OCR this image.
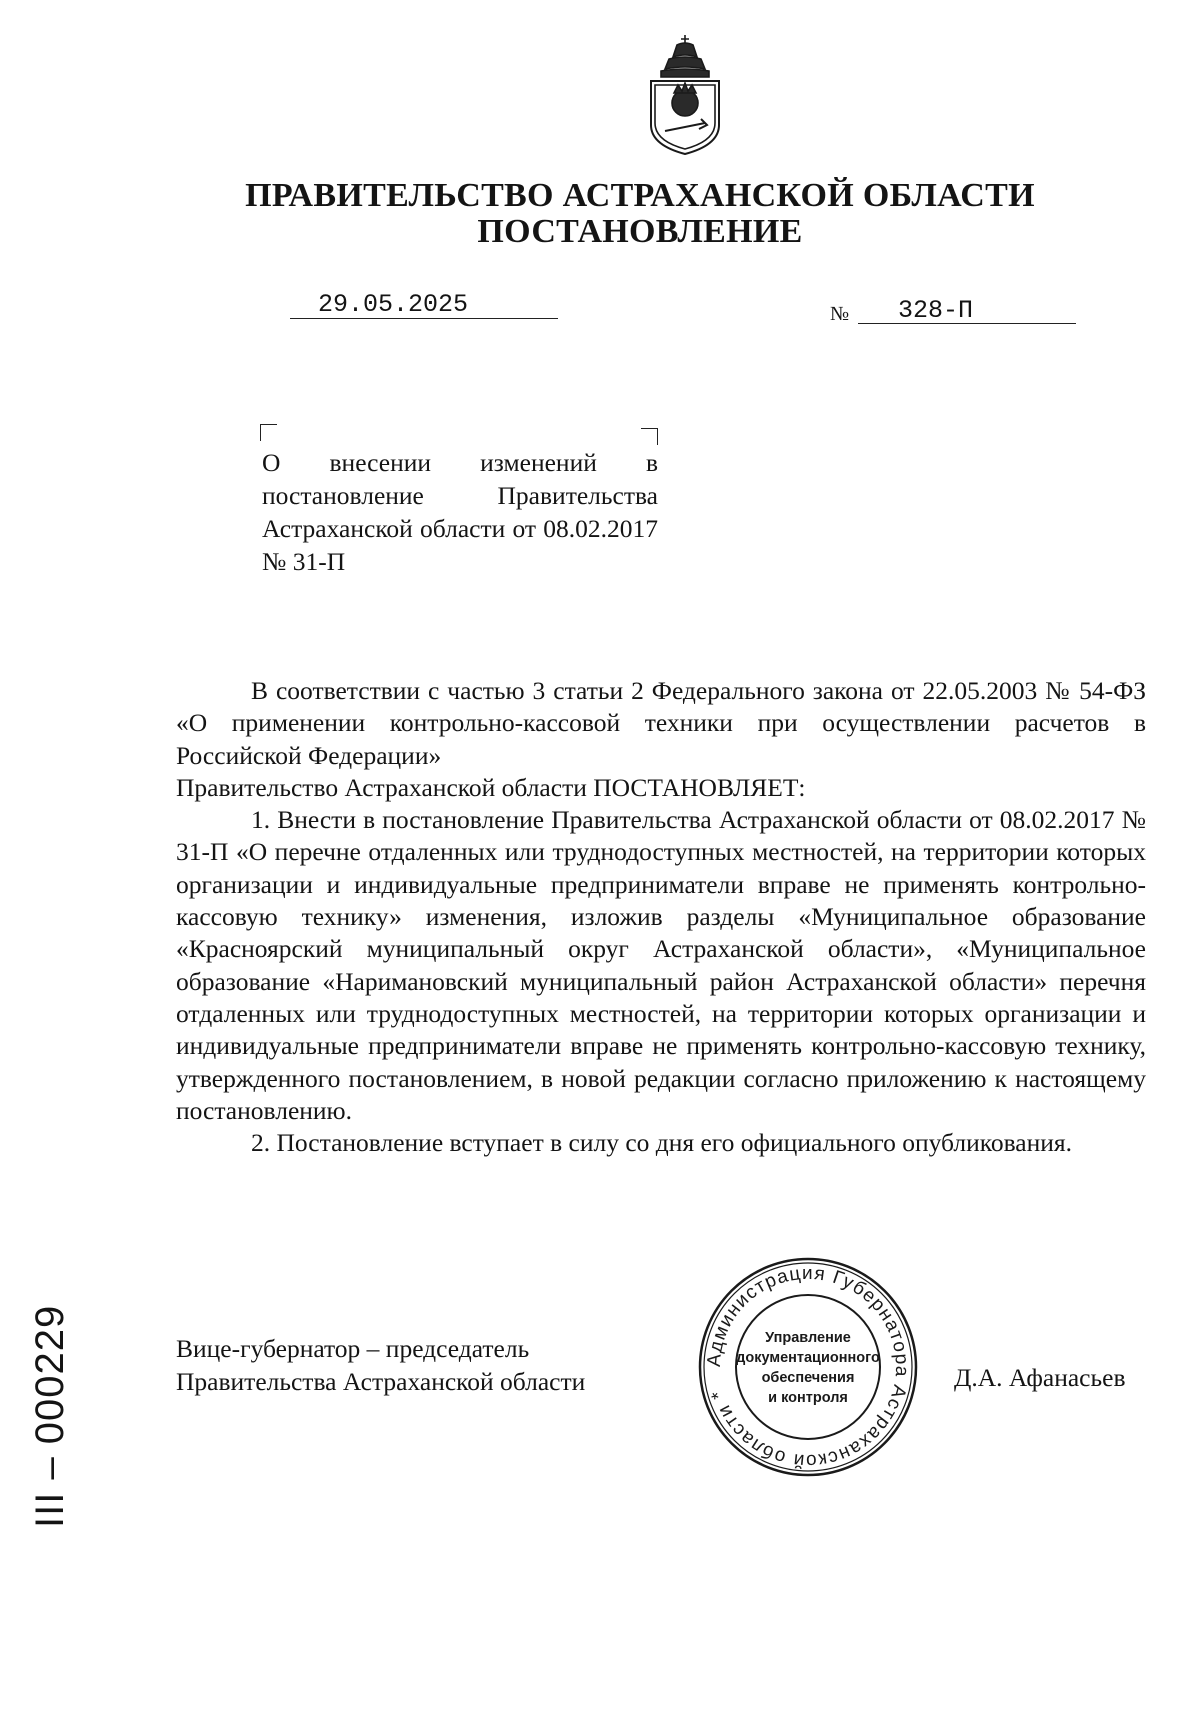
ПРАВИТЕЛЬСТВО АСТРАХАНСКОЙ ОБЛАСТИ
ПОСТАНОВЛЕНИЕ
29.05.2025	№ 328-П
О внесении изменений в постановление Правительства Астраханской области от 08.02.2017 № 31-П

В соответствии с частью 3 статьи 2 Федерального закона от 22.05.2003 № 54-ФЗ «О применении контрольно-кассовой техники при осуществлении расчетов в Российской Федерации»

Правительство Астраханской области ПОСТАНОВЛЯЕТ:

1. Внести в постановление Правительства Астраханской области от 08.02.2017 № 31-П «О перечне отдаленных или труднодоступных местностей, на территории которых организации и индивидуальные предприниматели вправе не применять контрольно-кассовую технику» изменения, изложив разделы «Муниципальное образование «Красноярский муниципальный округ Астраханской области», «Муниципальное образование «Наримановский муниципальный район Астраханской области» перечня отдаленных или труднодоступных местностей, на территории которых организации и индивидуальные предприниматели вправе не применять контрольно-кассовую технику, утвержденного постановлением, в новой редакции согласно приложению к настоящему постановлению.

2. Постановление вступает в силу со дня его официального опубликования.

Вице-губернатор – председатель
Правительства Астраханской области
Администрация Губернатора Астраханской области *
Управление
документационного
обеспечения
и контроля
Д.А. Афанасьев
III – 000229
